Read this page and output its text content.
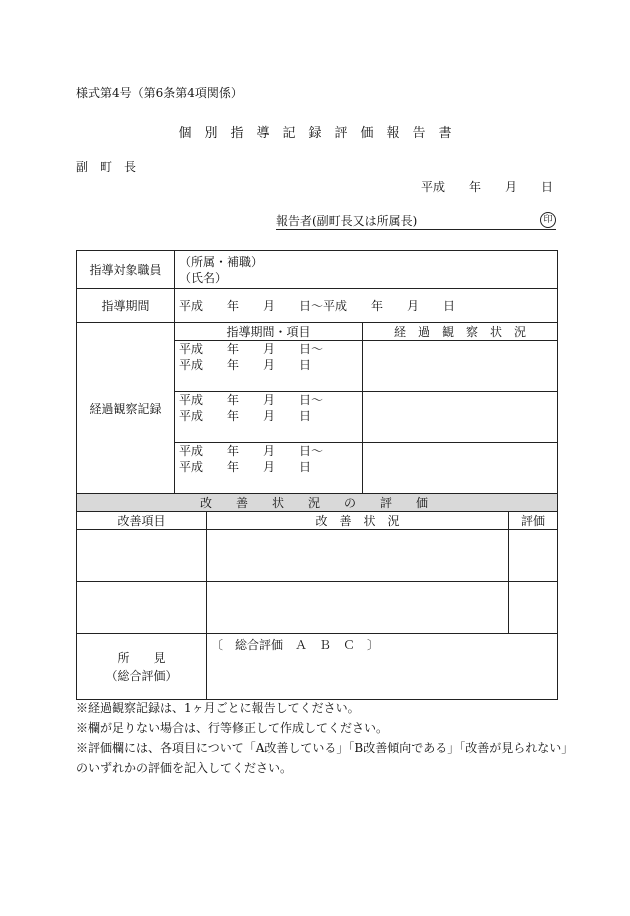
様式第4号（第6条第4項関係）
個　別　指　導　記　録　評　価　報　告　書
副　町　長
平成　　年　　月　　日
報告者(副町長又は所属長)	印
指導対象職員	（所属・補職）
（氏名）			

指導期間	平成　　年　　月　　日～平成　　年　　月　　日			
経過観察記録	指導期間・項目		経　過　観　察　状　況	

	平成　　年　　月　　日～
平成　　年　　月　　日			

	平成　　年　　月　　日～
平成　　年　　月　　日			

	平成　　年　　月　　日～
平成　　年　　月　　日			

改　善　状　況　の　評　価				
改善項目		改　善　状　況		評価

所　　見
（総合評価）		〔　総合評価　Ａ　Ｂ　Ｃ　〕		
※経過観察記録は、1ヶ月ごとに報告してください。
※欄が足りない場合は、行等修正して作成してください。
※評価欄には、各項目について「A改善している」「B改善傾向である」「改善が見られない」
のいずれかの評価を記入してください。
